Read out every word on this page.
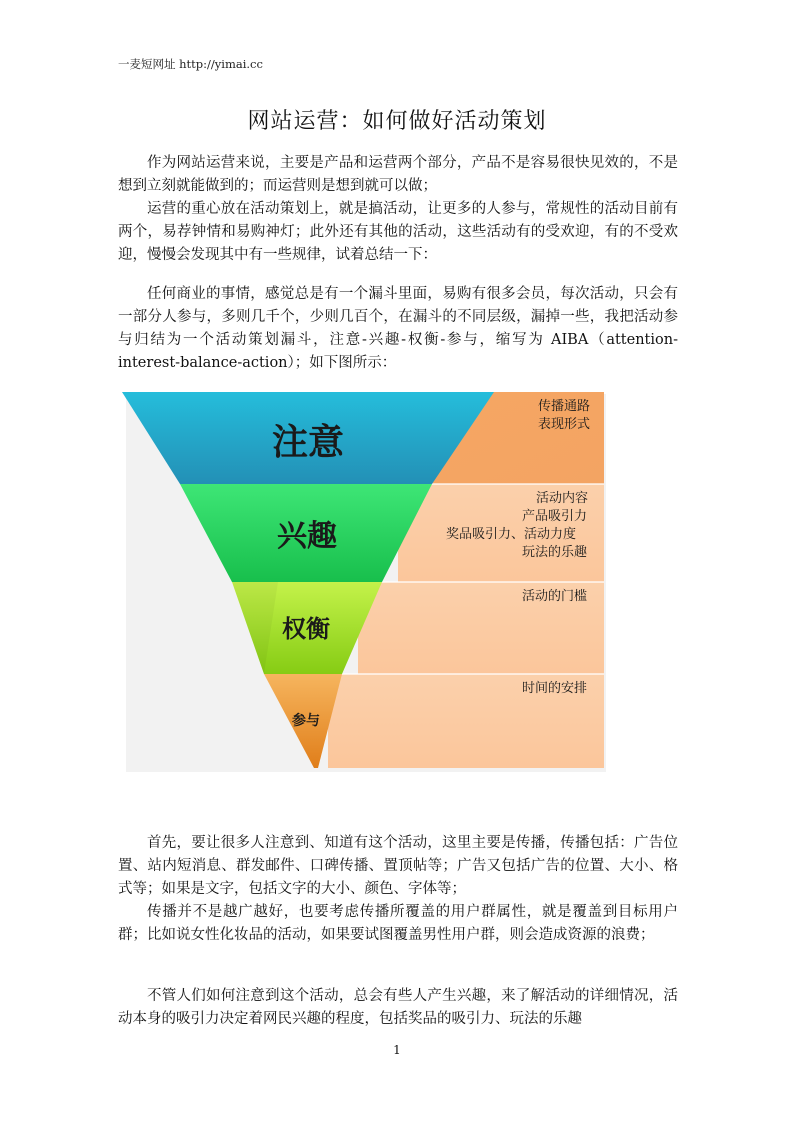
一麦短网址 http://yimai.cc
网站运营：如何做好活动策划

作为网站运营来说，主要是产品和运营两个部分，产品不是容易很快见效的，不是想到立刻就能做到的；而运营则是想到就可以做；

运营的重心放在活动策划上，就是搞活动，让更多的人参与，常规性的活动目前有两个，易荐钟情和易购神灯；此外还有其他的活动，这些活动有的受欢迎，有的不受欢迎，慢慢会发现其中有一些规律，试着总结一下：

任何商业的事情，感觉总是有一个漏斗里面，易购有很多会员，每次活动，只会有一部分人参与，多则几千个，少则几百个，在漏斗的不同层级，漏掉一些，我把活动参与归结为一个活动策划漏斗，注意-兴趣-权衡-参与，缩写为 AIBA（attention-interest-balance-action）；如下图所示：

注意
兴趣
权衡
参与
传播通路
表现形式
活动内容
产品吸引力
奖品吸引力、活动力度
玩法的乐趣
活动的门槛
时间的安排

首先，要让很多人注意到、知道有这个活动，这里主要是传播，传播包括：广告位置、站内短消息、群发邮件、口碑传播、置顶帖等；广告又包括广告的位置、大小、格式等；如果是文字，包括文字的大小、颜色、字体等；

传播并不是越广越好，也要考虑传播所覆盖的用户群属性，就是覆盖到目标用户群；比如说女性化妆品的活动，如果要试图覆盖男性用户群，则会造成资源的浪费；

不管人们如何注意到这个活动，总会有些人产生兴趣，来了解活动的详细情况，活动本身的吸引力决定着网民兴趣的程度，包括奖品的吸引力、玩法的乐趣

1
